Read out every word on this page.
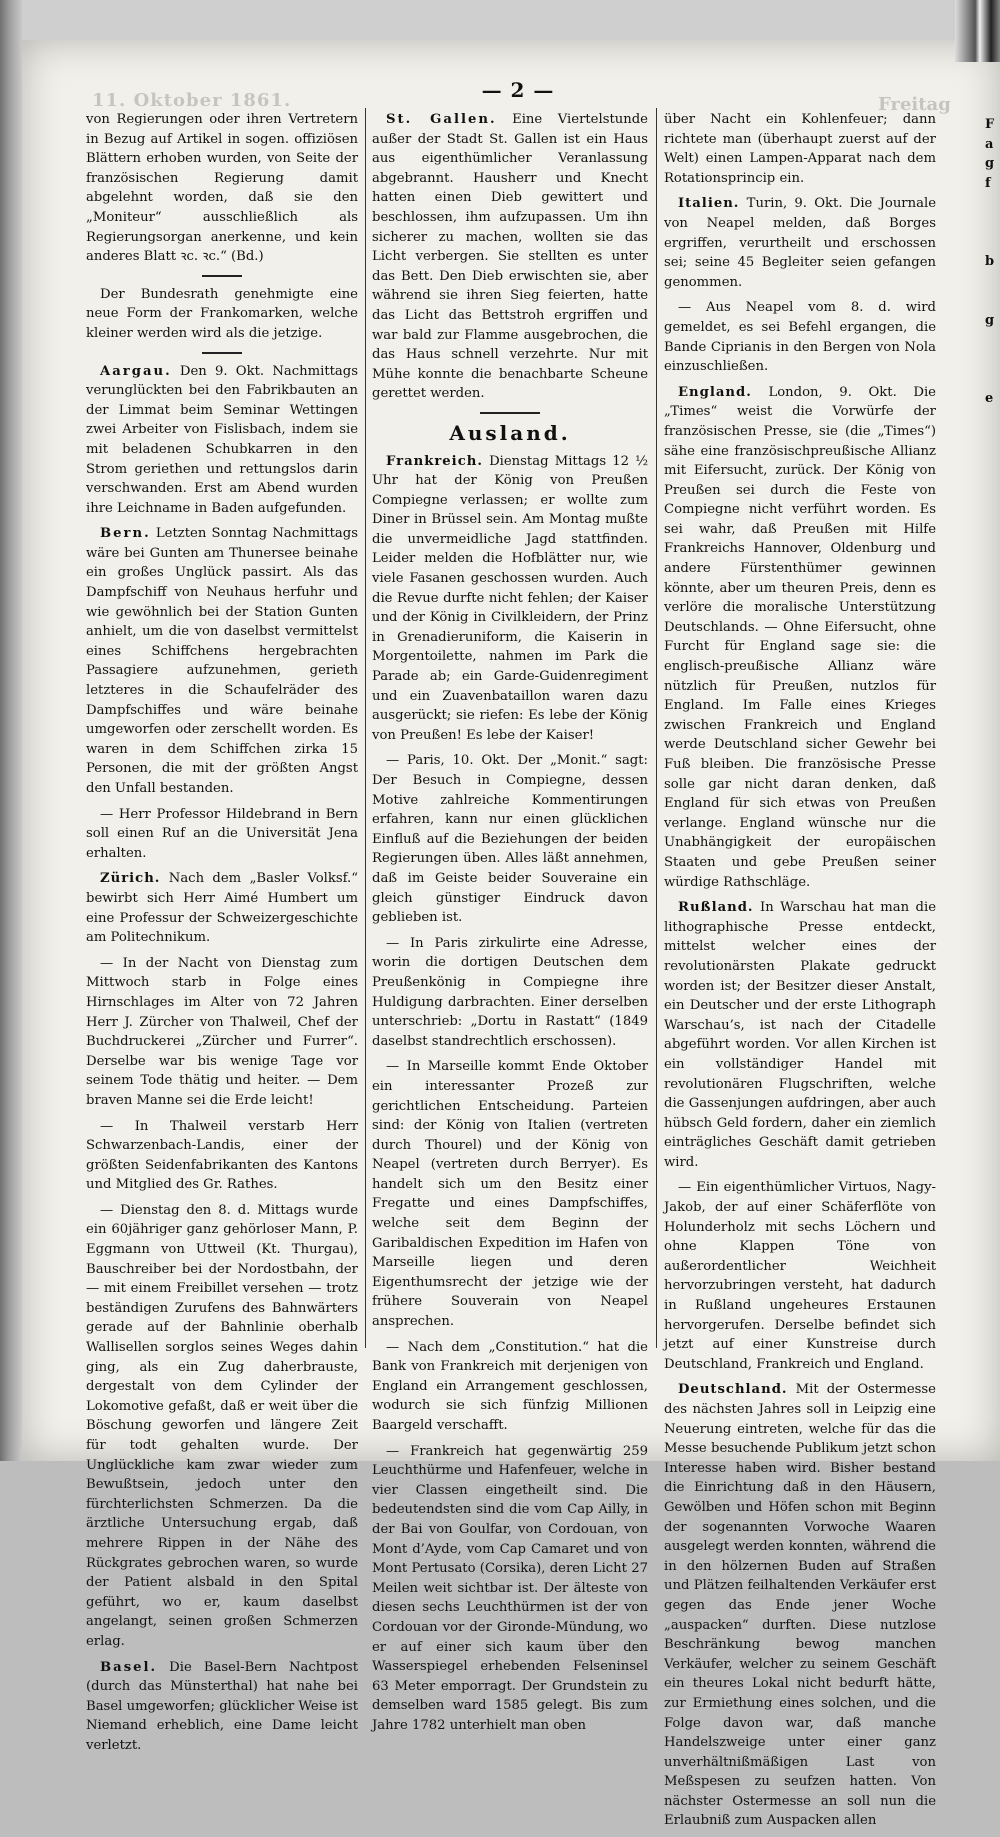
11. Oktober 1861.	Freitag
— 2 —

von Regierungen oder ihren Vertretern in Bezug auf Artikel in sogen. offiziösen Blättern erhoben wurden, von Seite der französischen Regierung damit abgelehnt worden, daß sie den „Moniteur“ ausschließlich als Regierungsorgan anerkenne, und kein anderes Blatt ꝛc. ꝛc.“ (Bd.)

Der Bundesrath genehmigte eine neue Form der Frankomarken, welche kleiner werden wird als die jetzige.

Aargau. Den 9. Okt. Nachmittags verunglückten bei den Fabrikbauten an der Limmat beim Seminar Wettingen zwei Arbeiter von Fislisbach, indem sie mit beladenen Schubkarren in den Strom geriethen und rettungslos darin verschwanden. Erst am Abend wurden ihre Leichname in Baden aufgefunden.

Bern. Letzten Sonntag Nachmittags wäre bei Gunten am Thunersee beinahe ein großes Unglück passirt. Als das Dampfschiff von Neuhaus herfuhr und wie gewöhnlich bei der Station Gunten anhielt, um die von daselbst vermittelst eines Schiffchens hergebrachten Passagiere aufzunehmen, gerieth letzteres in die Schaufelräder des Dampfschiffes und wäre beinahe umgeworfen oder zerschellt worden. Es waren in dem Schiffchen zirka 15 Personen, die mit der größten Angst den Unfall bestanden.

— Herr Professor Hildebrand in Bern soll einen Ruf an die Universität Jena erhalten.

Zürich. Nach dem „Basler Volksf.“ bewirbt sich Herr Aimé Humbert um eine Professur der Schweizergeschichte am Politechnikum.

— In der Nacht von Dienstag zum Mittwoch starb in Folge eines Hirnschlages im Alter von 72 Jahren Herr J. Zürcher von Thalweil, Chef der Buchdruckerei „Zürcher und Furrer“. Derselbe war bis wenige Tage vor seinem Tode thätig und heiter. — Dem braven Manne sei die Erde leicht!

— In Thalweil verstarb Herr Schwarzenbach-Landis, einer der größten Seidenfabrikanten des Kantons und Mitglied des Gr. Rathes.

— Dienstag den 8. d. Mittags wurde ein 60jähriger ganz gehörloser Mann, P. Eggmann von Uttweil (Kt. Thurgau), Bauschreiber bei der Nordostbahn, der — mit einem Freibillet versehen — trotz beständigen Zurufens des Bahnwärters gerade auf der Bahnlinie oberhalb Wallisellen sorglos seines Weges dahin ging, als ein Zug daherbrauste, dergestalt von dem Cylinder der Lokomotive gefaßt, daß er weit über die Böschung geworfen und längere Zeit für todt gehalten wurde. Der Unglückliche kam zwar wieder zum Bewußtsein, jedoch unter den fürchterlichsten Schmerzen. Da die ärztliche Untersuchung ergab, daß mehrere Rippen in der Nähe des Rückgrates gebrochen waren, so wurde der Patient alsbald in den Spital geführt, wo er, kaum daselbst angelangt, seinen großen Schmerzen erlag.

Basel. Die Basel-Bern Nachtpost (durch das Münsterthal) hat nahe bei Basel umgeworfen; glücklicher Weise ist Niemand erheblich, eine Dame leicht verletzt.

St. Gallen. Eine Viertelstunde außer der Stadt St. Gallen ist ein Haus aus eigenthümlicher Veranlassung abgebrannt. Hausherr und Knecht hatten einen Dieb gewittert und beschlossen, ihm aufzupassen. Um ihn sicherer zu machen, wollten sie das Licht verbergen. Sie stellten es unter das Bett. Den Dieb erwischten sie, aber während sie ihren Sieg feierten, hatte das Licht das Bettstroh ergriffen und war bald zur Flamme ausgebrochen, die das Haus schnell verzehrte. Nur mit Mühe konnte die benachbarte Scheune gerettet werden.

Ausland.

Frankreich. Dienstag Mittags 12 ½ Uhr hat der König von Preußen Compiegne verlassen; er wollte zum Diner in Brüssel sein. Am Montag mußte die unvermeidliche Jagd stattfinden. Leider melden die Hofblätter nur, wie viele Fasanen geschossen wurden. Auch die Revue durfte nicht fehlen; der Kaiser und der König in Civilkleidern, der Prinz in Grenadieruniform, die Kaiserin in Morgentoilette, nahmen im Park die Parade ab; ein Garde-Guidenregiment und ein Zuavenbataillon waren dazu ausgerückt; sie riefen: Es lebe der König von Preußen! Es lebe der Kaiser!

— Paris, 10. Okt. Der „Monit.“ sagt: Der Besuch in Compiegne, dessen Motive zahlreiche Kommentirungen erfahren, kann nur einen glücklichen Einfluß auf die Beziehungen der beiden Regierungen üben. Alles läßt annehmen, daß im Geiste beider Souveraine ein gleich günstiger Eindruck davon geblieben ist.

— In Paris zirkulirte eine Adresse, worin die dortigen Deutschen dem Preußenkönig in Compiegne ihre Huldigung darbrachten. Einer derselben unterschrieb: „Dortu in Rastatt“ (1849 daselbst standrechtlich erschossen).

— In Marseille kommt Ende Oktober ein interessanter Prozeß zur gerichtlichen Entscheidung. Parteien sind: der König von Italien (vertreten durch Thourel) und der König von Neapel (vertreten durch Berryer). Es handelt sich um den Besitz einer Fregatte und eines Dampfschiffes, welche seit dem Beginn der Garibaldischen Expedition im Hafen von Marseille liegen und deren Eigenthumsrecht der jetzige wie der frühere Souverain von Neapel ansprechen.

— Nach dem „Constitution.“ hat die Bank von Frankreich mit derjenigen von England ein Arrangement geschlossen, wodurch sie sich fünfzig Millionen Baargeld verschafft.

— Frankreich hat gegenwärtig 259 Leuchthürme und Hafenfeuer, welche in vier Classen eingetheilt sind. Die bedeutendsten sind die vom Cap Ailly, in der Bai von Goulfar, von Cordouan, von Mont d’Ayde, vom Cap Camaret und von Mont Pertusato (Corsika), deren Licht 27 Meilen weit sichtbar ist. Der älteste von diesen sechs Leuchthürmen ist der von Cordouan vor der Gironde-Mündung, wo er auf einer sich kaum über den Wasserspiegel erhebenden Felseninsel 63 Meter emporragt. Der Grundstein zu demselben ward 1585 gelegt. Bis zum Jahre 1782 unterhielt man oben

über Nacht ein Kohlenfeuer; dann richtete man (überhaupt zuerst auf der Welt) einen Lampen-Apparat nach dem Rotationsprincip ein.

Italien. Turin, 9. Okt. Die Journale von Neapel melden, daß Borges ergriffen, verurtheilt und erschossen sei; seine 45 Begleiter seien gefangen genommen.

— Aus Neapel vom 8. d. wird gemeldet, es sei Befehl ergangen, die Bande Ciprianis in den Bergen von Nola einzuschließen.

England. London, 9. Okt. Die „Times“ weist die Vorwürfe der französischen Presse, sie (die „Times“) sähe eine französischpreußische Allianz mit Eifersucht, zurück. Der König von Preußen sei durch die Feste von Compiegne nicht verführt worden. Es sei wahr, daß Preußen mit Hilfe Frankreichs Hannover, Oldenburg und andere Fürstenthümer gewinnen könnte, aber um theuren Preis, denn es verlöre die moralische Unterstützung Deutschlands. — Ohne Eifersucht, ohne Furcht für England sage sie: die englisch-preußische Allianz wäre nützlich für Preußen, nutzlos für England. Im Falle eines Krieges zwischen Frankreich und England werde Deutschland sicher Gewehr bei Fuß bleiben. Die französische Presse solle gar nicht daran denken, daß England für sich etwas von Preußen verlange. England wünsche nur die Unabhängigkeit der europäischen Staaten und gebe Preußen seiner würdige Rathschläge.

Rußland. In Warschau hat man die lithographische Presse entdeckt, mittelst welcher eines der revolutionärsten Plakate gedruckt worden ist; der Besitzer dieser Anstalt, ein Deutscher und der erste Lithograph Warschau’s, ist nach der Citadelle abgeführt worden. Vor allen Kirchen ist ein vollständiger Handel mit revolutionären Flugschriften, welche die Gassenjungen aufdringen, aber auch hübsch Geld fordern, daher ein ziemlich einträgliches Geschäft damit getrieben wird.

— Ein eigenthümlicher Virtuos, Nagy-Jakob, der auf einer Schäferflöte von Holunderholz mit sechs Löchern und ohne Klappen Töne von außerordentlicher Weichheit hervorzubringen versteht, hat dadurch in Rußland ungeheures Erstaunen hervorgerufen. Derselbe befindet sich jetzt auf einer Kunstreise durch Deutschland, Frankreich und England.

Deutschland. Mit der Ostermesse des nächsten Jahres soll in Leipzig eine Neuerung eintreten, welche für das die Messe besuchende Publikum jetzt schon Interesse haben wird. Bisher bestand die Einrichtung daß in den Häusern, Gewölben und Höfen schon mit Beginn der sogenannten Vorwoche Waaren ausgelegt werden konnten, während die in den hölzernen Buden auf Straßen und Plätzen feilhaltenden Verkäufer erst gegen das Ende jener Woche „auspacken“ durften. Diese nutzlose Beschränkung bewog manchen Verkäufer, welcher zu seinem Geschäft ein theures Lokal nicht bedurft hätte, zur Ermiethung eines solchen, und die Folge davon war, daß manche Handelszweige unter einer ganz unverhältnißmäßigen Last von Meßspesen zu seufzen hatten. Von nächster Ostermesse an soll nun die Erlaubniß zum Auspacken allen

F
a
g
f

b

g

e
